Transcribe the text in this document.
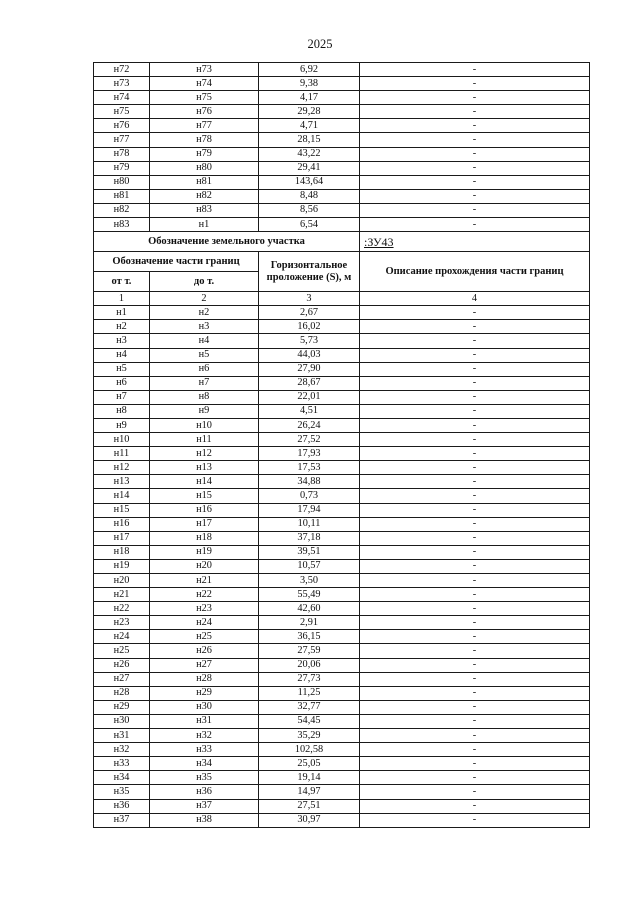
2025
н72	н73	6,92	-
н73	н74	9,38	-
н74	н75	4,17	-
н75	н76	29,28	-
н76	н77	4,71	-
н77	н78	28,15	-
н78	н79	43,22	-
н79	н80	29,41	-
н80	н81	143,64	-
н81	н82	8,48	-
н82	н83	8,56	-
н83	н1	6,54	-
Обозначение земельного участка			:ЗУ43
Обозначение части границ		Горизонтальное проложение (S), м	Описание прохождения части границ
от т.	до т.		
1	2	3	4
н1	н2	2,67	-
н2	н3	16,02	-
н3	н4	5,73	-
н4	н5	44,03	-
н5	н6	27,90	-
н6	н7	28,67	-
н7	н8	22,01	-
н8	н9	4,51	-
н9	н10	26,24	-
н10	н11	27,52	-
н11	н12	17,93	-
н12	н13	17,53	-
н13	н14	34,88	-
н14	н15	0,73	-
н15	н16	17,94	-
н16	н17	10,11	-
н17	н18	37,18	-
н18	н19	39,51	-
н19	н20	10,57	-
н20	н21	3,50	-
н21	н22	55,49	-
н22	н23	42,60	-
н23	н24	2,91	-
н24	н25	36,15	-
н25	н26	27,59	-
н26	н27	20,06	-
н27	н28	27,73	-
н28	н29	11,25	-
н29	н30	32,77	-
н30	н31	54,45	-
н31	н32	35,29	-
н32	н33	102,58	-
н33	н34	25,05	-
н34	н35	19,14	-
н35	н36	14,97	-
н36	н37	27,51	-
н37	н38	30,97	-
